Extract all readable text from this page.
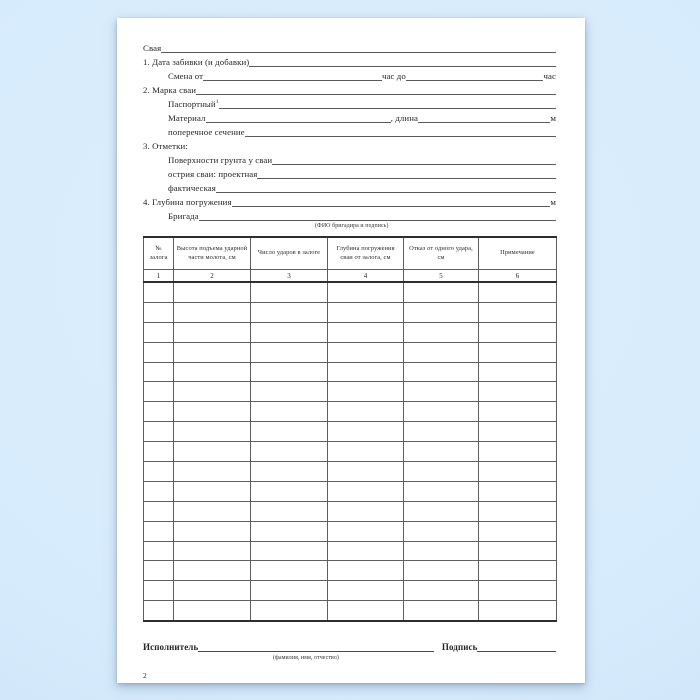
Свая
1. Дата забивки (и добавки)
Смена от	час до	час
2. Марка сваи
Паспортный$^1$
Материал	, длина	м
поперечное сечение
3. Отметки:
Поверхности грунта у сваи
острия сваи: проектная
фактическая
4. Глубина погружения	м
Бригада
(ФИО бригадира и подпись)
№ залога	Высота подъема ударной части молота, см	Число ударов в залоге	Глубина погружения сваи от залога, см	Отказ от одного удара, см	Примечание
1	2	3	4	5	6

Исполнитель	Подпись
(фамилия, имя, отчество)
2
